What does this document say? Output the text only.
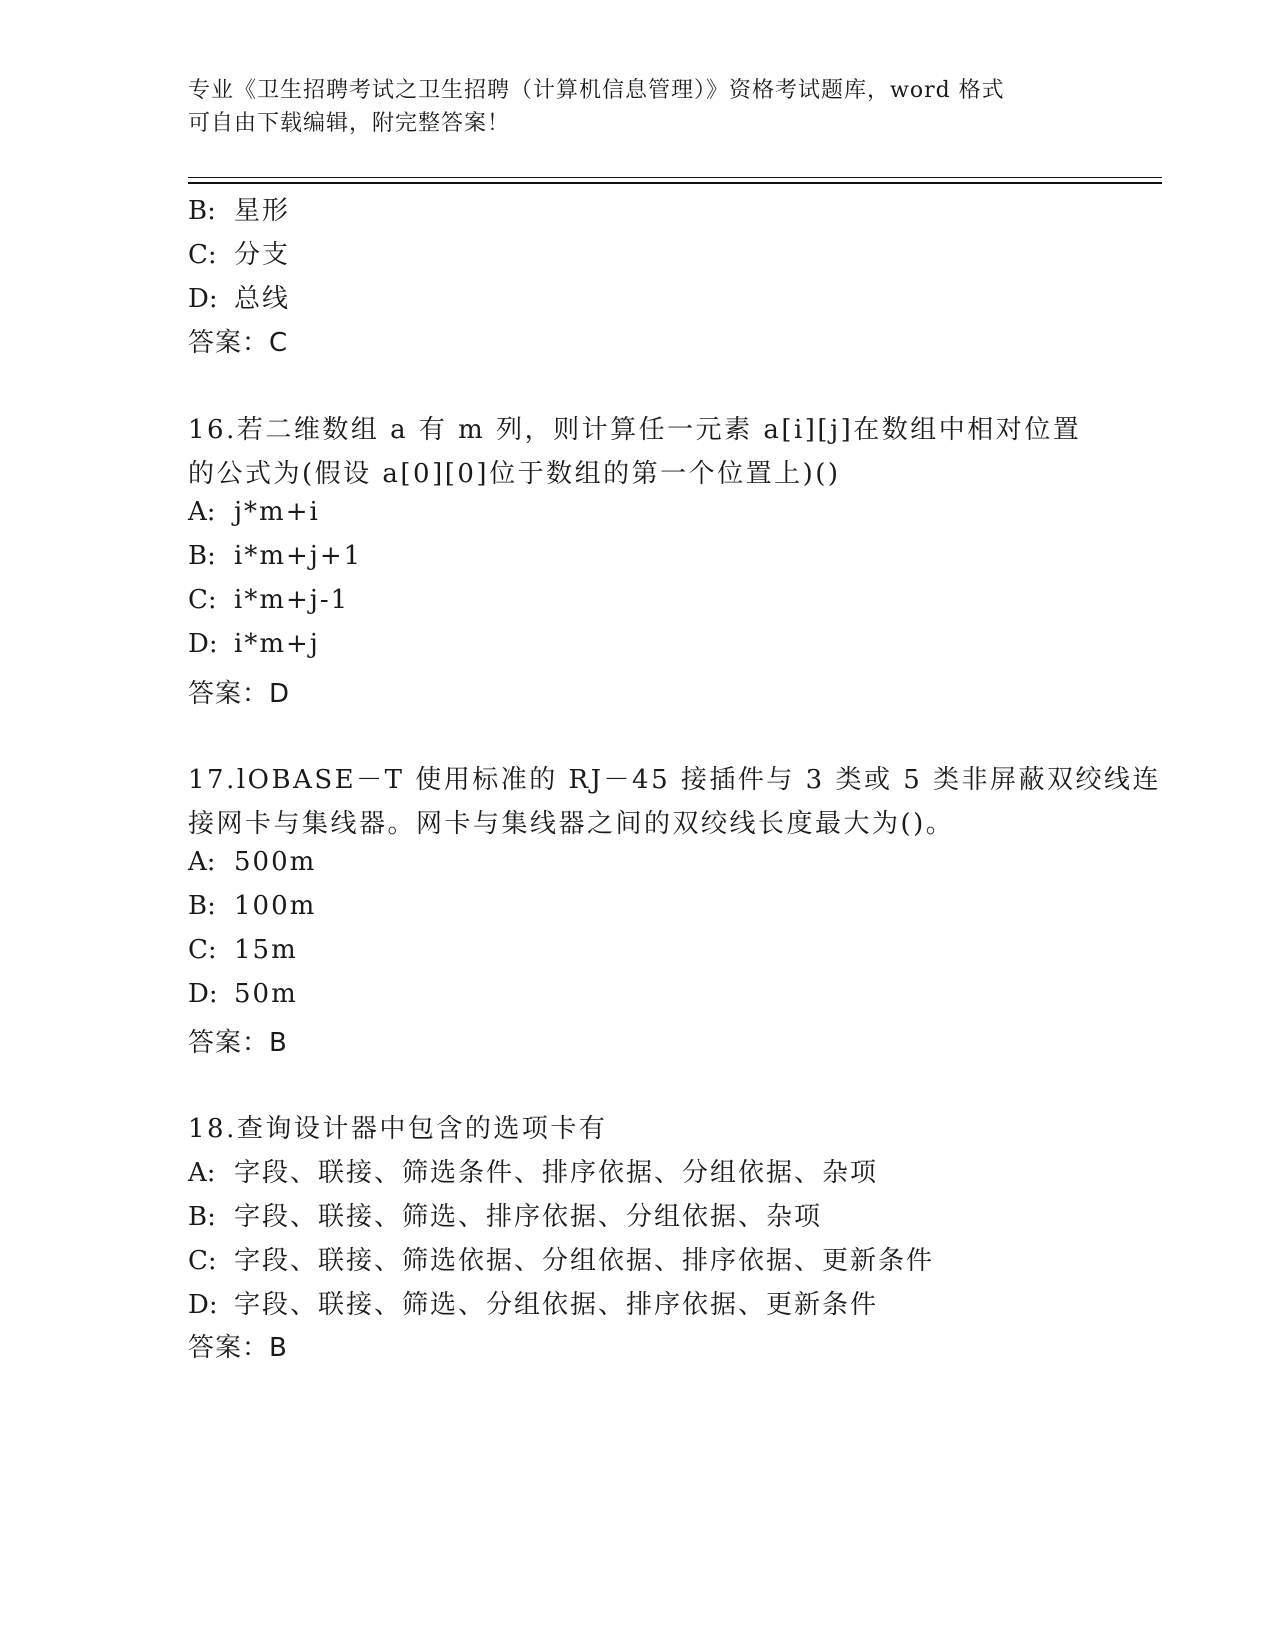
专业《卫生招聘考试之卫生招聘（计算机信息管理）》资格考试题库，word 格式
可自由下载编辑，附完整答案！
B: 星形
C: 分支
D: 总线
答案：C
16.若二维数组 a 有 m 列，则计算任一元素 a[i][j]在数组中相对位置
的公式为(假设 a[0][0]位于数组的第一个位置上)()
A: j*m+i
B: i*m+j+1
C: i*m+j-1
D: i*m+j
答案：D
17.lOBASE－T 使用标准的 RJ－45 接插件与 3 类或 5 类非屏蔽双绞线连
接网卡与集线器。网卡与集线器之间的双绞线长度最大为()。
A: 500m
B: 100m
C: 15m
D: 50m
答案：B
18.查询设计器中包含的选项卡有
A: 字段、联接、筛选条件、排序依据、分组依据、杂项
B: 字段、联接、筛选、排序依据、分组依据、杂项
C: 字段、联接、筛选依据、分组依据、排序依据、更新条件
D: 字段、联接、筛选、分组依据、排序依据、更新条件
答案：B
